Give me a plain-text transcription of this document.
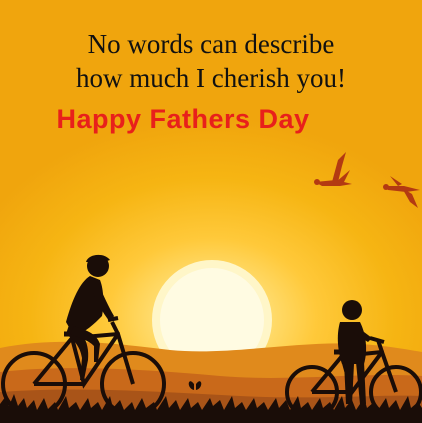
No words can describe
how much I cherish you!
Happy Fathers Day
